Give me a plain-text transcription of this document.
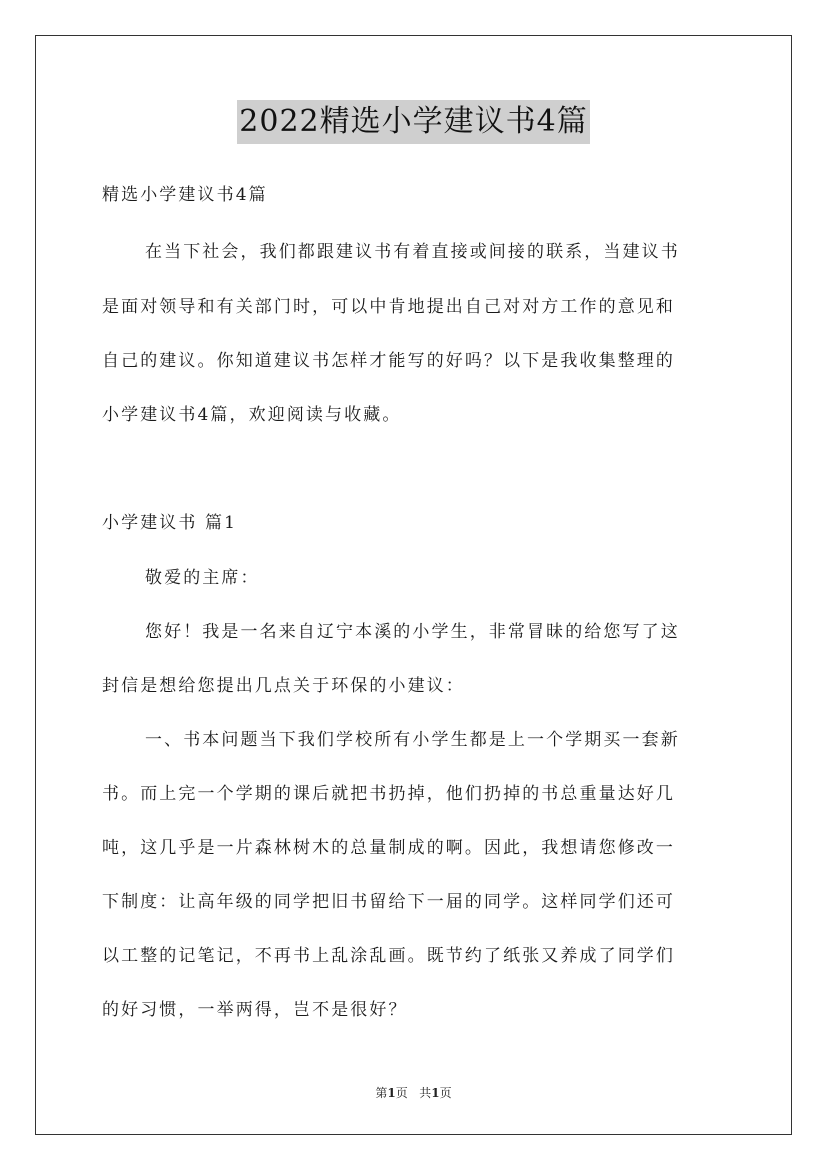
2022精选小学建议书4篇
精选小学建议书4篇
在当下社会，我们都跟建议书有着直接或间接的联系，当建议书
是面对领导和有关部门时，可以中肯地提出自己对对方工作的意见和
自己的建议。你知道建议书怎样才能写的好吗？以下是我收集整理的
小学建议书4篇，欢迎阅读与收藏。
小学建议书 篇1
敬爱的主席：
您好！我是一名来自辽宁本溪的小学生，非常冒昧的给您写了这
封信是想给您提出几点关于环保的小建议：
一、书本问题当下我们学校所有小学生都是上一个学期买一套新
书。而上完一个学期的课后就把书扔掉，他们扔掉的书总重量达好几
吨，这几乎是一片森林树木的总量制成的啊。因此，我想请您修改一
下制度：让高年级的同学把旧书留给下一届的同学。这样同学们还可
以工整的记笔记，不再书上乱涂乱画。既节约了纸张又养成了同学们
的好习惯，一举两得，岂不是很好？
第1页 共1页
